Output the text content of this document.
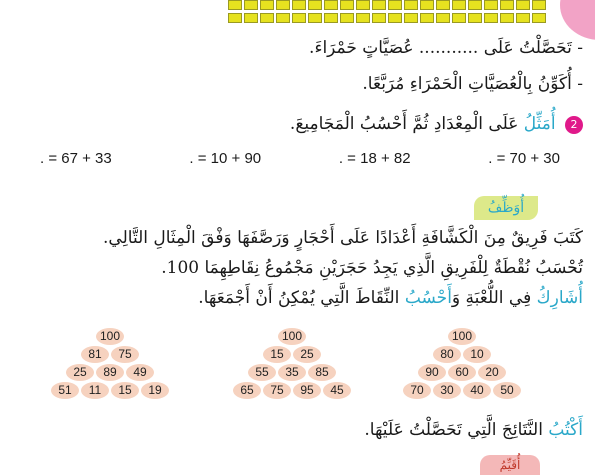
- تَحَصَّلْتُ عَلَى ........... عُصَيَّاتٍ حَمْرَاءَ.
- أُكَوِّنُ بِالْعُصَيَّاتِ الْحَمْرَاءِ مُرَبَّعًا.
2 أُمَثِّلُ عَلَى الْمِعْدَادِ ثُمَّ أَحْسُبُ الْمَجَامِيعَ.
. = 67 + 33	. = 10 + 90	. = 18 + 82	. = 70 + 30
أُوَظِّفُ
كَتَبَ فَرِيقٌ مِنَ الْكَشَّافَةِ أَعْدَادًا عَلَى أَحْجَارٍ وَرَصَّفَهَا وَفْقَ الْمِثَالِ التَّالِي.
تُحْسَبُ نُقْطَةٌ لِلْفَرِيقِ الَّذِي يَجِدُ حَجَرَيْنِ مَجْمُوعُ نِقَاطِهِمَا 100.
أُشَارِكُ فِي اللُّعْبَةِ وَأَحْسُبُ النِّقَاطَ الَّتِي يُمْكِنُ أَنْ أَجْمَعَهَا.
100
81	75
25	89	49
51	11	15	19
100
15	25
55	35	85
65	75	95	45
100
80	10
90	60	20
70	30	40	50
أَكْتُبُ النَّتَائِجَ الَّتِي تَحَصَّلْتُ عَلَيْهَا.
أُقَيِّمُ
